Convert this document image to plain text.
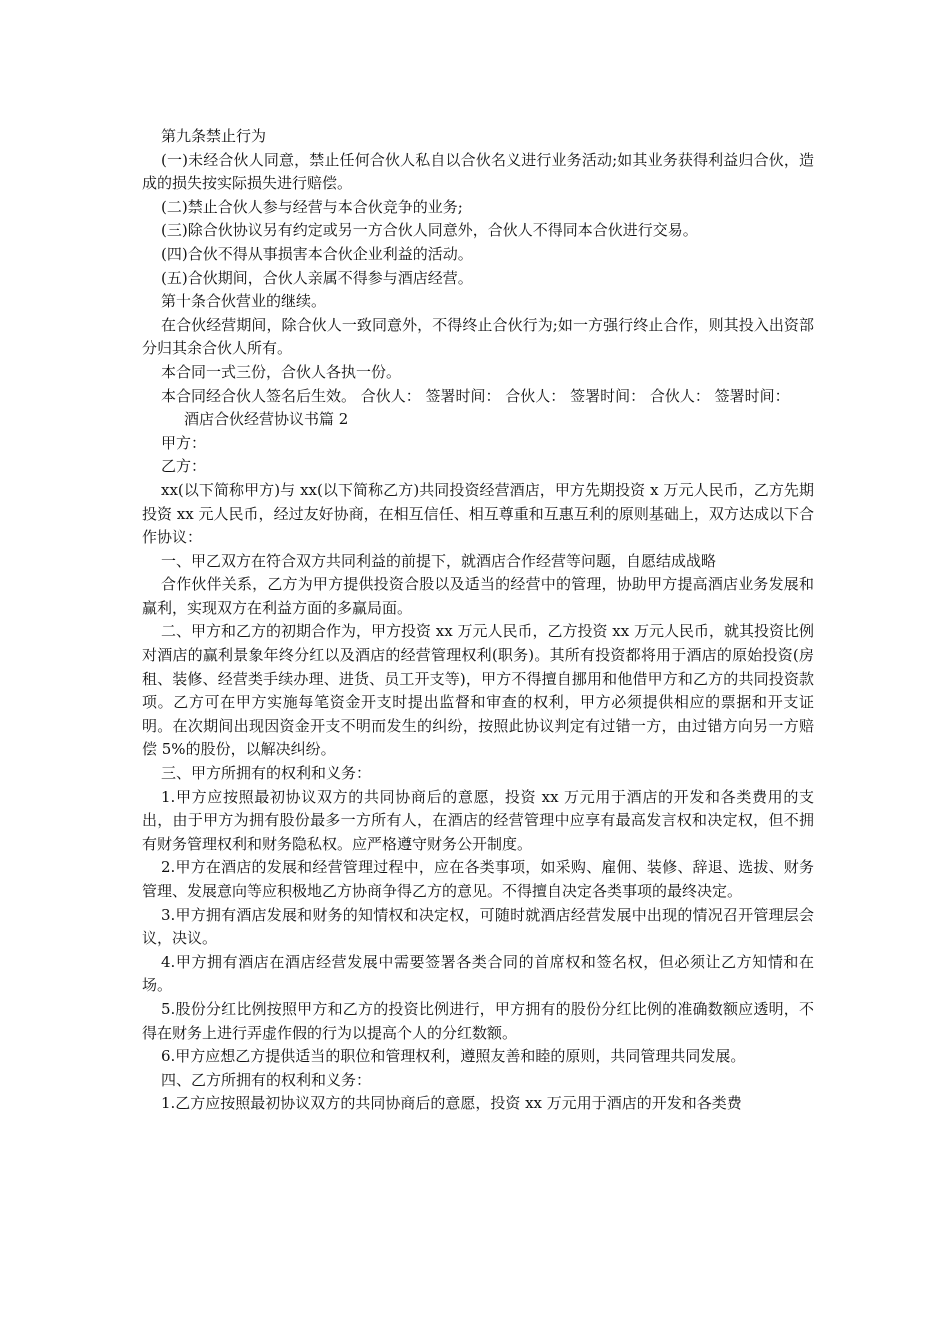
第九条禁止行为

(一)未经合伙人同意，禁止任何合伙人私自以合伙名义进行业务活动;如其业务获得利益归合伙，造成的损失按实际损失进行赔偿。

(二)禁止合伙人参与经营与本合伙竞争的业务;

(三)除合伙协议另有约定或另一方合伙人同意外，合伙人不得同本合伙进行交易。

(四)合伙不得从事损害本合伙企业利益的活动。

(五)合伙期间，合伙人亲属不得参与酒店经营。

第十条合伙营业的继续。

在合伙经营期间，除合伙人一致同意外，不得终止合伙行为;如一方强行终止合作，则其投入出资部分归其余合伙人所有。

本合同一式三份，合伙人各执一份。

本合同经合伙人签名后生效。 合伙人： 签署时间： 合伙人： 签署时间： 合伙人： 签署时间：

酒店合伙经营协议书篇 2

甲方：

乙方：

xx(以下简称甲方)与 xx(以下简称乙方)共同投资经营酒店，甲方先期投资 x 万元人民币，乙方先期投资 xx 元人民币，经过友好协商，在相互信任、相互尊重和互惠互利的原则基础上，双方达成以下合作协议：

一、甲乙双方在符合双方共同利益的前提下，就酒店合作经营等问题，自愿结成战略

合作伙伴关系，乙方为甲方提供投资合股以及适当的经营中的管理，协助甲方提高酒店业务发展和赢利，实现双方在利益方面的多赢局面。

二、甲方和乙方的初期合作为，甲方投资 xx 万元人民币，乙方投资 xx 万元人民币，就其投资比例对酒店的赢利景象年终分红以及酒店的经营管理权利(职务)。其所有投资都将用于酒店的原始投资(房租、装修、经营类手续办理、进货、员工开支等)，甲方不得擅自挪用和他借甲方和乙方的共同投资款项。乙方可在甲方实施每笔资金开支时提出监督和审查的权利，甲方必须提供相应的票据和开支证明。在次期间出现因资金开支不明而发生的纠纷，按照此协议判定有过错一方，由过错方向另一方赔偿 5%的股份，以解决纠纷。

三、甲方所拥有的权利和义务：

1.甲方应按照最初协议双方的共同协商后的意愿，投资 xx 万元用于酒店的开发和各类费用的支出，由于甲方为拥有股份最多一方所有人，在酒店的经营管理中应享有最高发言权和决定权，但不拥有财务管理权利和财务隐私权。应严格遵守财务公开制度。

2.甲方在酒店的发展和经营管理过程中，应在各类事项，如采购、雇佣、装修、辞退、选拔、财务管理、发展意向等应积极地乙方协商争得乙方的意见。不得擅自决定各类事项的最终决定。

3.甲方拥有酒店发展和财务的知情权和决定权，可随时就酒店经营发展中出现的情况召开管理层会议，决议。

4.甲方拥有酒店在酒店经营发展中需要签署各类合同的首席权和签名权，但必须让乙方知情和在场。

5.股份分红比例按照甲方和乙方的投资比例进行，甲方拥有的股份分红比例的准确数额应透明，不得在财务上进行弄虚作假的行为以提高个人的分红数额。

6.甲方应想乙方提供适当的职位和管理权利，遵照友善和睦的原则，共同管理共同发展。

四、乙方所拥有的权利和义务：

1.乙方应按照最初协议双方的共同协商后的意愿，投资 xx 万元用于酒店的开发和各类费
